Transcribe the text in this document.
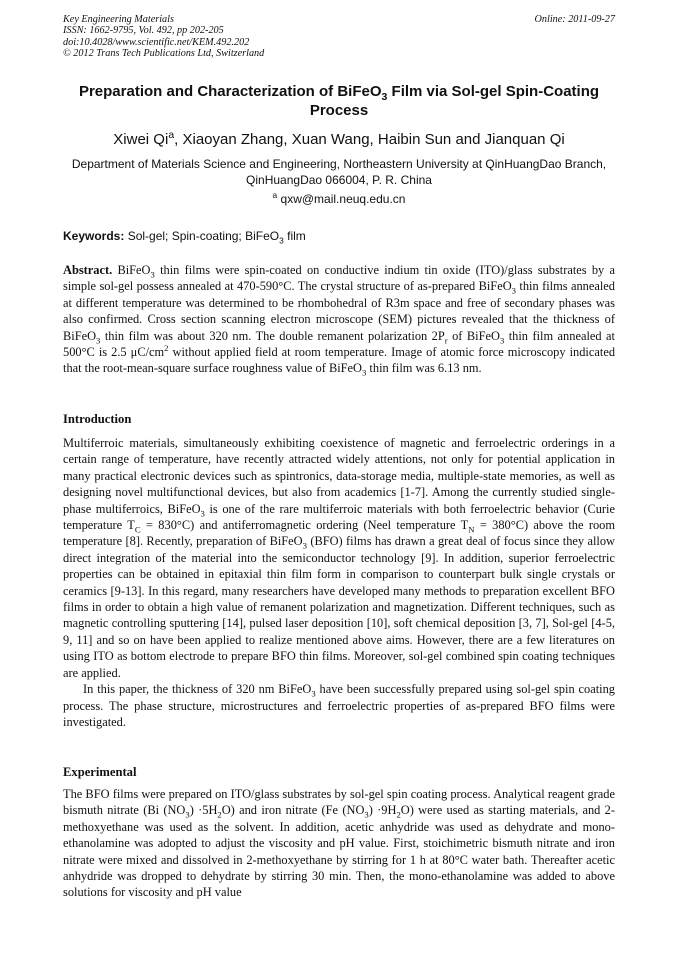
Key Engineering Materials
ISSN: 1662-9795, Vol. 492, pp 202-205
doi:10.4028/www.scientific.net/KEM.492.202
© 2012 Trans Tech Publications Ltd, Switzerland
Online: 2011-09-27
Preparation and Characterization of BiFeO$_3$ Film via Sol-gel Spin-Coating Process
Xiwei Qi$^a$, Xiaoyan Zhang, Xuan Wang, Haibin Sun and Jianquan Qi
Department of Materials Science and Engineering, Northeastern University at QinHuangDao Branch, QinHuangDao 066004, P. R. China
$^a$ qxw@mail.neuq.edu.cn
Keywords: Sol-gel; Spin-coating; BiFeO$_3$ film

Abstract. BiFeO$_3$ thin films were spin-coated on conductive indium tin oxide (ITO)/glass substrates by a simple sol-gel possess annealed at 470-590°C. The crystal structure of as-prepared BiFeO$_3$ thin films annealed at different temperature was determined to be rhombohedral of R3m space and free of secondary phases was also confirmed. Cross section scanning electron microscope (SEM) pictures revealed that the thickness of BiFeO$_3$ thin film was about 320 nm. The double remanent polarization $2P_r$ of BiFeO$_3$ thin film annealed at 500°C is 2.5 $\mu C/cm^2$ without applied field at room temperature. Image of atomic force microscopy indicated that the root-mean-square surface roughness value of BiFeO$_3$ thin film was 6.13 nm.

Introduction

Multiferroic materials, simultaneously exhibiting coexistence of magnetic and ferroelectric orderings in a certain range of temperature, have recently attracted widely attentions, not only for potential application in many practical electronic devices such as spintronics, data-storage media, multiple-state memories, as well as designing novel multifunctional devices, but also from academics [1-7]. Among the currently studied single-phase multiferroics, BiFeO$_3$ is one of the rare multiferroic materials with both ferroelectric behavior (Curie temperature $T_C = 830^\circ C$) and antiferromagnetic ordering (Neel temperature $T_N = 380^\circ C$) above the room temperature [8]. Recently, preparation of BiFeO$_3$ (BFO) films has drawn a great deal of focus since they allow direct integration of the material into the semiconductor technology [9]. In addition, superior ferroelectric properties can be obtained in epitaxial thin film form in comparison to counterpart bulk single crystals or ceramics [9-13]. In this regard, many researchers have developed many methods to preparation excellent BFO films in order to obtain a high value of remanent polarization and magnetization. Different techniques, such as magnetic controlling sputtering [14], pulsed laser deposition [10], soft chemical deposition [3, 7], Sol-gel [4-5, 9, 11] and so on have been applied to realize mentioned above aims. However, there are a few literatures on using ITO as bottom electrode to prepare BFO thin films. Moreover, sol-gel combined spin coating techniques are applied.

In this paper, the thickness of 320 nm BiFeO$_3$ have been successfully prepared using sol-gel spin coating process. The phase structure, microstructures and ferroelectric properties of as-prepared BFO films were investigated.

Experimental

The BFO films were prepared on ITO/glass substrates by sol-gel spin coating process. Analytical reagent grade bismuth nitrate (Bi $(NO_3) \cdot 5H_2O$) and iron nitrate (Fe $(NO_3) \cdot 9H_2O$) were used as starting materials, and 2-methoxyethane was used as the solvent. In addition, acetic anhydride was used as dehydrate and mono-ethanolamine was adopted to adjust the viscosity and pH value. First, stoichimetric bismuth nitrate and iron nitrate were mixed and dissolved in 2-methoxyethane by stirring for 1 h at 80°C water bath. Thereafter acetic anhydride was dropped to dehydrate by stirring 30 min. Then, the mono-ethanolamine was added to above solutions for viscosity and pH value
